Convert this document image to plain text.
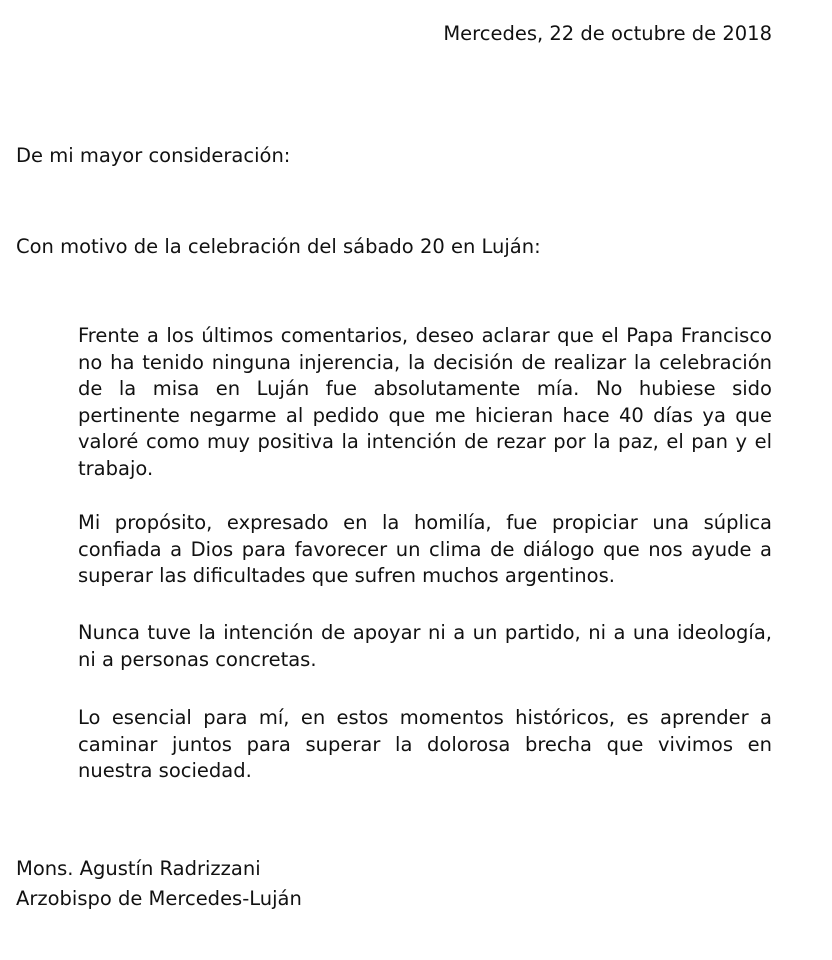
Mercedes, 22 de octubre de 2018
De mi mayor consideración:
Con motivo de la celebración del sábado 20 en Luján:
Frente a los últimos comentarios, deseo aclarar que el Papa Francisco no ha tenido ninguna injerencia, la decisión de realizar la celebración de la misa en Luján fue absolutamente mía. No hubiese sido pertinente negarme al pedido que me hicieran hace 40 días ya que valoré como muy positiva la intención de rezar por la paz, el pan y el trabajo.
Mi propósito, expresado en la homilía, fue propiciar una súplica confiada a Dios para favorecer un clima de diálogo que nos ayude a superar las dificultades que sufren muchos argentinos.
Nunca tuve la intención de apoyar ni a un partido, ni a una ideología, ni a personas concretas.
Lo esencial para mí, en estos momentos históricos, es aprender a caminar juntos para superar la dolorosa brecha que vivimos en nuestra sociedad.
Mons. Agustín Radrizzani
Arzobispo de Mercedes-Luján
